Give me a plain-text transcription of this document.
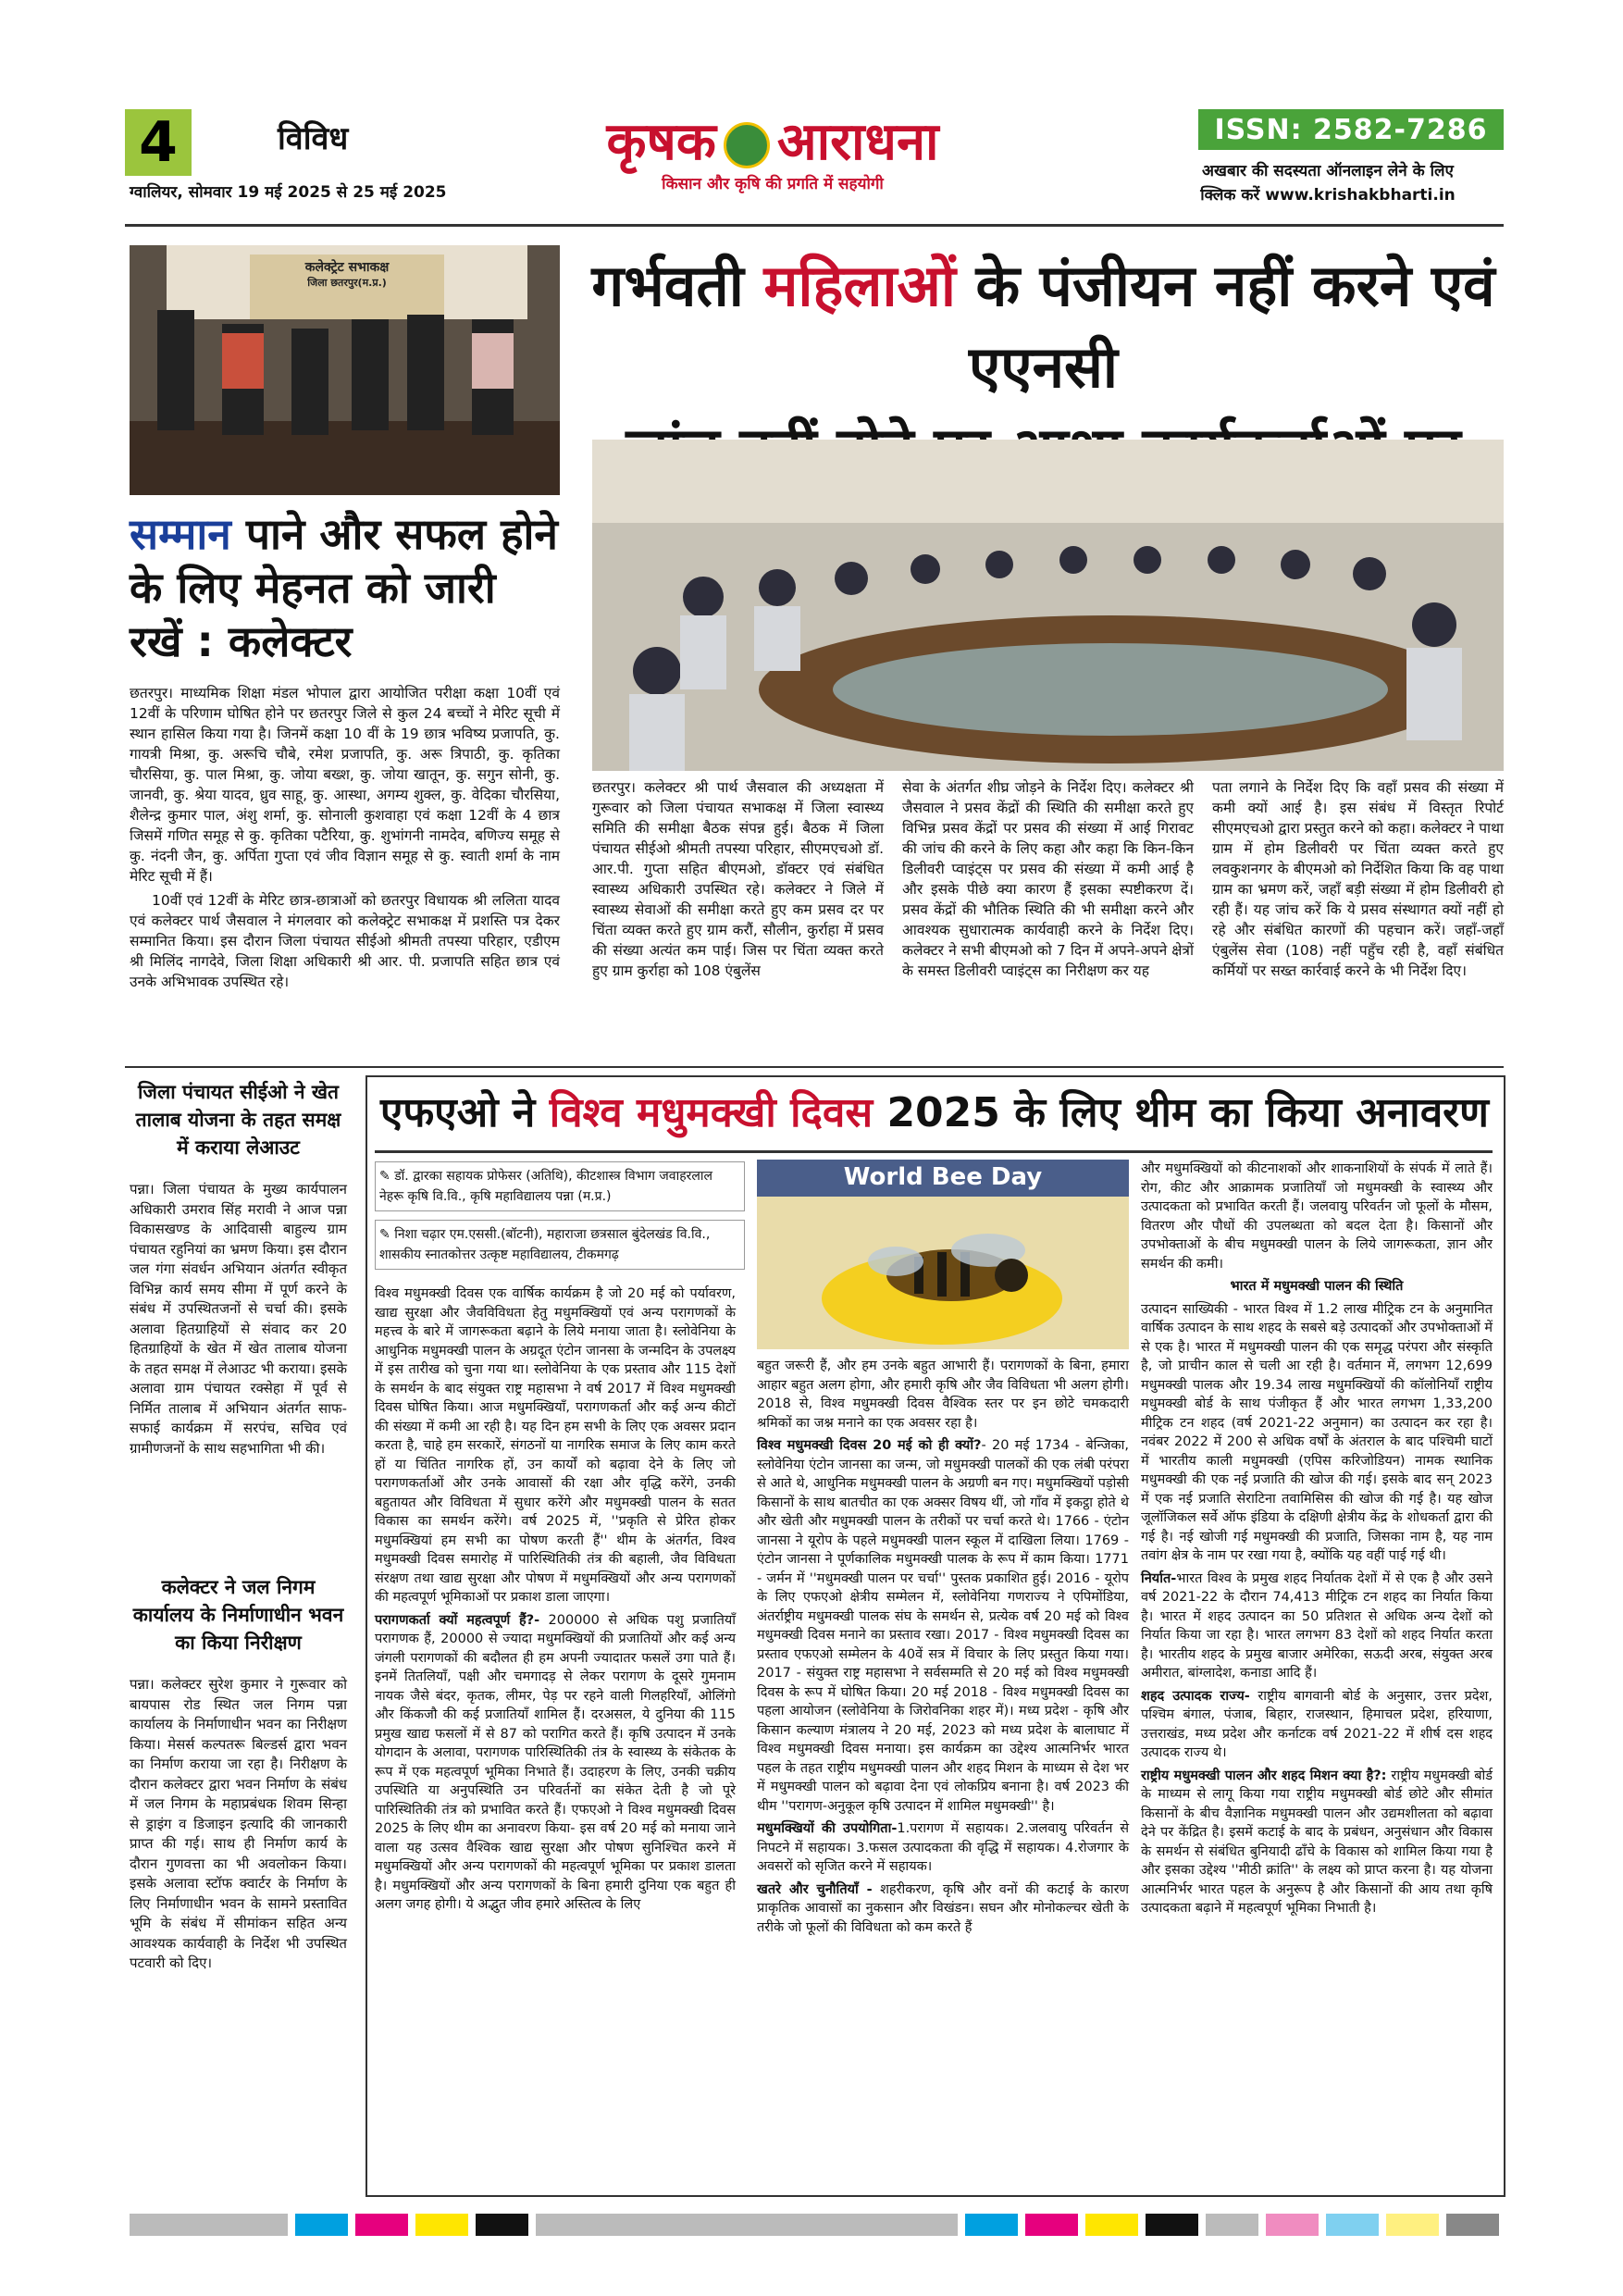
4	विविध
ग्वालियर, सोमवार 19 मई 2025 से 25 मई 2025
कृषक आराधना
किसान और कृषि की प्रगति में सहयोगी
ISSN: 2582-7286
अखबार की सदस्यता ऑनलाइन लेने के लिए
क्लिक करें www.krishakbharti.in
कलेक्ट्रेट सभाकक्ष
जिला छतरपुर(म.प्र.)
सम्मान पाने और सफल होने के लिए मेहनत को जारी रखें : कलेक्टर

छतरपुर। माध्यमिक शिक्षा मंडल भोपाल द्वारा आयोजित परीक्षा कक्षा 10वीं एवं 12वीं के परिणाम घोषित होने पर छतरपुर जिले से कुल 24 बच्चों ने मेरिट सूची में स्थान हासिल किया गया है। जिनमें कक्षा 10 वीं के 19 छात्र भविष्य प्रजापति, कु. गायत्री मिश्रा, कु. अरूचि चौबे, रमेश प्रजापति, कु. अरू त्रिपाठी, कु. कृतिका चौरसिया, कु. पाल मिश्रा, कु. जोया बख्श, कु. जोया खातून, कु. सगुन सोनी, कु. जानवी, कु. श्रेया यादव, ध्रुव साहू, कु. आस्था, अगम्य शुक्ल, कु. वेदिका चौरसिया, शैलेन्द्र कुमार पाल, अंशु शर्मा, कु. सोनाली कुशवाहा एवं कक्षा 12वीं के 4 छात्र जिसमें गणित समूह से कु. कृतिका पटैरिया, कु. शुभांगनी नामदेव, बणिज्य समूह से कु. नंदनी जैन, कु. अर्पिता गुप्ता एवं जीव विज्ञान समूह से कु. स्वाती शर्मा के नाम मेरिट सूची में हैं।

10वीं एवं 12वीं के मेरिट छात्र-छात्राओं को छतरपुर विधायक श्री ललिता यादव एवं कलेक्टर पार्थ जैसवाल ने मंगलवार को कलेक्ट्रेट सभाकक्ष में प्रशस्ति पत्र देकर सम्मानित किया। इस दौरान जिला पंचायत सीईओ श्रीमती तपस्या परिहार, एडीएम श्री मिलिंद नागदेवे, जिला शिक्षा अधिकारी श्री आर. पी. प्रजापति सहित छात्र एवं उनके अभिभावक उपस्थित रहे।

गर्भवती महिलाओं के पंजीयन नहीं करने एवं एएनसी
छतरपुर। कलेक्टर श्री पार्थ जैसवाल की अध्यक्षता में गुरूवार को जिला पंचायत सभाकक्ष में जिला स्वास्थ्य समिति की समीक्षा बैठक संपन्न हुई। बैठक में जिला पंचायत सीईओ श्रीमती तपस्या परिहार, सीएमएचओ डॉ. आर.पी. गुप्ता सहित बीएमओ, डॉक्टर एवं संबंधित स्वास्थ्य अधिकारी उपस्थित रहे। कलेक्टर ने जिले में स्वास्थ्य सेवाओं की समीक्षा करते हुए कम प्रसव दर पर चिंता व्यक्त करते हुए ग्राम करौं, सौलीन, कुर्राहा में प्रसव की संख्या अत्यंत कम पाई। जिस पर चिंता व्यक्त करते हुए ग्राम कुर्राहा को 108 एंबुलेंस
सेवा के अंतर्गत शीघ्र जोड़ने के निर्देश दिए। कलेक्टर श्री जैसवाल ने प्रसव केंद्रों की स्थिति की समीक्षा करते हुए विभिन्न प्रसव केंद्रों पर प्रसव की संख्या में आई गिरावट की जांच की करने के लिए कहा और कहा कि किन-किन डिलीवरी प्वाइंट्स पर प्रसव की संख्या में कमी आई है और इसके पीछे क्या कारण हैं इसका स्पष्टीकरण दें। प्रसव केंद्रों की भौतिक स्थिति की भी समीक्षा करने और आवश्यक सुधारात्मक कार्यवाही करने के निर्देश दिए। कलेक्टर ने सभी बीएमओ को 7 दिन में अपने-अपने क्षेत्रों के समस्त डिलीवरी प्वाइंट्स का निरीक्षण कर यह
पता लगाने के निर्देश दिए कि वहाँ प्रसव की संख्या में कमी क्यों आई है। इस संबंध में विस्तृत रिपोर्ट सीएमएचओ द्वारा प्रस्तुत करने को कहा। कलेक्टर ने पाथा ग्राम में होम डिलीवरी पर चिंता व्यक्त करते हुए लवकुशनगर के बीएमओ को निर्देशित किया कि वह पाथा ग्राम का भ्रमण करें, जहाँ बड़ी संख्या में होम डिलीवरी हो रही हैं। यह जांच करें कि ये प्रसव संस्थागत क्यों नहीं हो रहे और संबंधित कारणों की पहचान करें। जहाँ-जहाँ एंबुलेंस सेवा (108) नहीं पहुँच रही है, वहाँ संबंधित कर्मियों पर सख्त कार्रवाई करने के भी निर्देश दिए।
जिला पंचायत सीईओ ने खेत तालाब योजना के तहत समक्ष में कराया लेआउट
पन्ना। जिला पंचायत के मुख्य कार्यपालन अधिकारी उमराव सिंह मरावी ने आज पन्ना विकासखण्ड के आदिवासी बाहुल्य ग्राम पंचायत रहुनियां का भ्रमण किया। इस दौरान जल गंगा संवर्धन अभियान अंतर्गत स्वीकृत विभिन्न कार्य समय सीमा में पूर्ण करने के संबंध में उपस्थितजनों से चर्चा की। इसके अलावा हितग्राहियों से संवाद कर 20 हितग्राहियों के खेत में खेत तालाब योजना के तहत समक्ष में लेआउट भी कराया। इसके अलावा ग्राम पंचायत रक्सेहा में पूर्व से निर्मित तालाब में अभियान अंतर्गत साफ-सफाई कार्यक्रम में सरपंच, सचिव एवं ग्रामीणजनों के साथ सहभागिता भी की।
कलेक्टर ने जल निगम कार्यालय के निर्माणाधीन भवन का किया निरीक्षण
पन्ना। कलेक्टर सुरेश कुमार ने गुरूवार को बायपास रोड स्थित जल निगम पन्ना कार्यालय के निर्माणाधीन भवन का निरीक्षण किया। मेसर्स कल्पतरू बिल्डर्स द्वारा भवन का निर्माण कराया जा रहा है। निरीक्षण के दौरान कलेक्टर द्वारा भवन निर्माण के संबंध में जल निगम के महाप्रबंधक शिवम सिन्हा से ड्राइंग व डिजाइन इत्यादि की जानकारी प्राप्त की गई। साथ ही निर्माण कार्य के दौरान गुणवत्ता का भी अवलोकन किया। इसके अलावा स्टॉफ क्वार्टर के निर्माण के लिए निर्माणाधीन भवन के सामने प्रस्तावित भूमि के संबंध में सीमांकन सहित अन्य आवश्यक कार्यवाही के निर्देश भी उपस्थित पटवारी को दिए।
एफएओ ने विश्व मधुमक्खी दिवस 2025 के लिए थीम का किया अनावरण
✎ डॉ. द्वारका सहायक प्रोफेसर (अतिथि), कीटशास्त्र विभाग जवाहरलाल नेहरू कृषि वि.वि., कृषि महाविद्यालय पन्ना (म.प्र.)
✎ निशा चढ़ार एम.एससी.(बॉटनी), महाराजा छत्रसाल बुंदेलखंड वि.वि., शासकीय स्नातकोत्तर उत्कृष्ट महाविद्यालय, टीकमगढ़
World Bee Day

विश्व मधुमक्खी दिवस एक वार्षिक कार्यक्रम है जो 20 मई को पर्यावरण, खाद्य सुरक्षा और जैवविविधता हेतु मधुमक्खियों एवं अन्य परागणकों के महत्त्व के बारे में जागरूकता बढ़ाने के लिये मनाया जाता है। स्लोवेनिया के आधुनिक मधुमक्खी पालन के अग्रदूत एंटोन जानसा के जन्मदिन के उपलक्ष्य में इस तारीख को चुना गया था। स्लोवेनिया के एक प्रस्ताव और 115 देशों के समर्थन के बाद संयुक्त राष्ट्र महासभा ने वर्ष 2017 में विश्व मधुमक्खी दिवस घोषित किया। आज मधुमक्खियाँ, परागणकर्ता और कई अन्य कीटों की संख्या में कमी आ रही है। यह दिन हम सभी के लिए एक अवसर प्रदान करता है, चाहे हम सरकारें, संगठनों या नागरिक समाज के लिए काम करते हों या चिंतित नागरिक हों, उन कार्यों को बढ़ावा देने के लिए जो परागणकर्ताओं और उनके आवासों की रक्षा और वृद्धि करेंगे, उनकी बहुतायत और विविधता में सुधार करेंगे और मधुमक्खी पालन के सतत विकास का समर्थन करेंगे। वर्ष 2025 में, ''प्रकृति से प्रेरित होकर मधुमक्खियां हम सभी का पोषण करती हैं'' थीम के अंतर्गत, विश्व मधुमक्खी दिवस समारोह में पारिस्थितिकी तंत्र की बहाली, जैव विविधता संरक्षण तथा खाद्य सुरक्षा और पोषण में मधुमक्खियों और अन्य परागणकों की महत्वपूर्ण भूमिकाओं पर प्रकाश डाला जाएगा।

परागणकर्ता क्यों महत्वपूर्ण हैं?- 200000 से अधिक पशु प्रजातियाँ परागणक हैं, 20000 से ज्यादा मधुमक्खियों की प्रजातियों और कई अन्य जंगली परागणकों की बदौलत ही हम अपनी ज्यादातर फसलें उगा पाते हैं। इनमें तितलियाँ, पक्षी और चमगादड़ से लेकर परागण के दूसरे गुमनाम नायक जैसे बंदर, कृतक, लीमर, पेड़ पर रहने वाली गिलहरियाँ, ओलिंगो और किंकजौ की कई प्रजातियाँ शामिल हैं। दरअसल, ये दुनिया की 115 प्रमुख खाद्य फसलों में से 87 को परागित करते हैं। कृषि उत्पादन में उनके योगदान के अलावा, परागणक पारिस्थितिकी तंत्र के स्वास्थ्य के संकेतक के रूप में एक महत्वपूर्ण भूमिका निभाते हैं। उदाहरण के लिए, उनकी चक्रीय उपस्थिति या अनुपस्थिति उन परिवर्तनों का संकेत देती है जो पूरे पारिस्थितिकी तंत्र को प्रभावित करते हैं। एफएओ ने विश्व मधुमक्खी दिवस 2025 के लिए थीम का अनावरण किया- इस वर्ष 20 मई को मनाया जाने वाला यह उत्सव वैश्विक खाद्य सुरक्षा और पोषण सुनिश्चित करने में मधुमक्खियों और अन्य परागणकों की महत्वपूर्ण भूमिका पर प्रकाश डालता है। मधुमक्खियों और अन्य परागणकों के बिना हमारी दुनिया एक बहुत ही अलग जगह होगी। ये अद्भुत जीव हमारे अस्तित्व के लिए

बहुत जरूरी हैं, और हम उनके बहुत आभारी हैं। परागणकों के बिना, हमारा आहार बहुत अलग होगा, और हमारी कृषि और जैव विविधता भी अलग होगी। 2018 से, विश्व मधुमक्खी दिवस वैश्विक स्तर पर इन छोटे चमकदारी श्रमिकों का जश्न मनाने का एक अवसर रहा है।

विश्व मधुमक्खी दिवस 20 मई को ही क्यों?- 20 मई 1734 - बेन्जिका, स्लोवेनिया एंटोन जानसा का जन्म, जो मधुमक्खी पालकों की एक लंबी परंपरा से आते थे, आधुनिक मधुमक्खी पालन के अग्रणी बन गए। मधुमक्खियों पड़ोसी किसानों के साथ बातचीत का एक अक्सर विषय थीं, जो गाँव में इकट्ठा होते थे और खेती और मधुमक्खी पालन के तरीकों पर चर्चा करते थे। 1766 - एंटोन जानसा ने यूरोप के पहले मधुमक्खी पालन स्कूल में दाखिला लिया। 1769 - एंटोन जानसा ने पूर्णकालिक मधुमक्खी पालक के रूप में काम किया। 1771 - जर्मन में ''मधुमक्खी पालन पर चर्चा'' पुस्तक प्रकाशित हुई। 2016 - यूरोप के लिए एफएओ क्षेत्रीय सम्मेलन में, स्लोवेनिया गणराज्य ने एपिमोंडिया, अंतर्राष्ट्रीय मधुमक्खी पालक संघ के समर्थन से, प्रत्येक वर्ष 20 मई को विश्व मधुमक्खी दिवस मनाने का प्रस्ताव रखा। 2017 - विश्व मधुमक्खी दिवस का प्रस्ताव एफएओ सम्मेलन के 40वें सत्र में विचार के लिए प्रस्तुत किया गया। 2017 - संयुक्त राष्ट्र महासभा ने सर्वसम्मति से 20 मई को विश्व मधुमक्खी दिवस के रूप में घोषित किया। 20 मई 2018 - विश्व मधुमक्खी दिवस का पहला आयोजन (स्लोवेनिया के जिरोवनिका शहर में)। मध्य प्रदेश - कृषि और किसान कल्याण मंत्रालय ने 20 मई, 2023 को मध्य प्रदेश के बालाघाट में विश्व मधुमक्खी दिवस मनाया। इस कार्यक्रम का उद्देश्य आत्मनिर्भर भारत पहल के तहत राष्ट्रीय मधुमक्खी पालन और शहद मिशन के माध्यम से देश भर में मधुमक्खी पालन को बढ़ावा देना एवं लोकप्रिय बनाना है। वर्ष 2023 की थीम ''परागण-अनुकूल कृषि उत्पादन में शामिल मधुमक्खी'' है।

मधुमक्खियों की उपयोगिता-1.परागण में सहायक। 2.जलवायु परिवर्तन से निपटने में सहायक। 3.फसल उत्पादकता की वृद्धि में सहायक। 4.रोजगार के अवसरों को सृजित करने में सहायक।

खतरे और चुनौतियाँ - शहरीकरण, कृषि और वनों की कटाई के कारण प्राकृतिक आवासों का नुकसान और विखंडन। सघन और मोनोकल्चर खेती के तरीके जो फूलों की विविधता को कम करते हैं

और मधुमक्खियों को कीटनाशकों और शाकनाशियों के संपर्क में लाते हैं। रोग, कीट और आक्रामक प्रजातियाँ जो मधुमक्खी के स्वास्थ्य और उत्पादकता को प्रभावित करती हैं। जलवायु परिवर्तन जो फूलों के मौसम, वितरण और पौधों की उपलब्धता को बदल देता है। किसानों और उपभोक्ताओं के बीच मधुमक्खी पालन के लिये जागरूकता, ज्ञान और समर्थन की कमी।

भारत में मधुमक्खी पालन की स्थिति

उत्पादन साख्यिकी - भारत विश्व में 1.2 लाख मीट्रिक टन के अनुमानित वार्षिक उत्पादन के साथ शहद के सबसे बड़े उत्पादकों और उपभोक्ताओं में से एक है। भारत में मधुमक्खी पालन की एक समृद्ध परंपरा और संस्कृति है, जो प्राचीन काल से चली आ रही है। वर्तमान में, लगभग 12,699 मधुमक्खी पालक और 19.34 लाख मधुमक्खियों की कॉलोनियाँ राष्ट्रीय मधुमक्खी बोर्ड के साथ पंजीकृत हैं और भारत लगभग 1,33,200 मीट्रिक टन शहद (वर्ष 2021-22 अनुमान) का उत्पादन कर रहा है। नवंबर 2022 में 200 से अधिक वर्षों के अंतराल के बाद पश्चिमी घाटों में भारतीय काली मधुमक्खी (एपिस करिजोडियन) नामक स्थानिक मधुमक्खी की एक नई प्रजाति की खोज की गई। इसके बाद सन् 2023 में एक नई प्रजाति सेराटिना तवामिसिस की खोज की गई है। यह खोज जूलॉजिकल सर्वे ऑफ इंडिया के दक्षिणी क्षेत्रीय केंद्र के शोधकर्ता द्वारा की गई है। नई खोजी गई मधुमक्खी की प्रजाति, जिसका नाम है, यह नाम तवांग क्षेत्र के नाम पर रखा गया है, क्योंकि यह वहीं पाई गई थी।

निर्यात-भारत विश्व के प्रमुख शहद निर्यातक देशों में से एक है और उसने वर्ष 2021-22 के दौरान 74,413 मीट्रिक टन शहद का निर्यात किया है। भारत में शहद उत्पादन का 50 प्रतिशत से अधिक अन्य देशों को निर्यात किया जा रहा है। भारत लगभग 83 देशों को शहद निर्यात करता है। भारतीय शहद के प्रमुख बाजार अमेरिका, सऊदी अरब, संयुक्त अरब अमीरात, बांग्लादेश, कनाडा आदि हैं।

शहद उत्पादक राज्य- राष्ट्रीय बागवानी बोर्ड के अनुसार, उत्तर प्रदेश, पश्चिम बंगाल, पंजाब, बिहार, राजस्थान, हिमाचल प्रदेश, हरियाणा, उत्तराखंड, मध्य प्रदेश और कर्नाटक वर्ष 2021-22 में शीर्ष दस शहद उत्पादक राज्य थे।

राष्ट्रीय मधुमक्खी पालन और शहद मिशन क्या है?: राष्ट्रीय मधुमक्खी बोर्ड के माध्यम से लागू किया गया राष्ट्रीय मधुमक्खी बोर्ड छोटे और सीमांत किसानों के बीच वैज्ञानिक मधुमक्खी पालन और उद्यमशीलता को बढ़ावा देने पर केंद्रित है। इसमें कटाई के बाद के प्रबंधन, अनुसंधान और विकास के समर्थन से संबंधित बुनियादी ढाँचे के विकास को शामिल किया गया है और इसका उद्देश्य ''मीठी क्रांति'' के लक्ष्य को प्राप्त करना है। यह योजना आत्मनिर्भर भारत पहल के अनुरूप है और किसानों की आय तथा कृषि उत्पादकता बढ़ाने में महत्वपूर्ण भूमिका निभाती है।
